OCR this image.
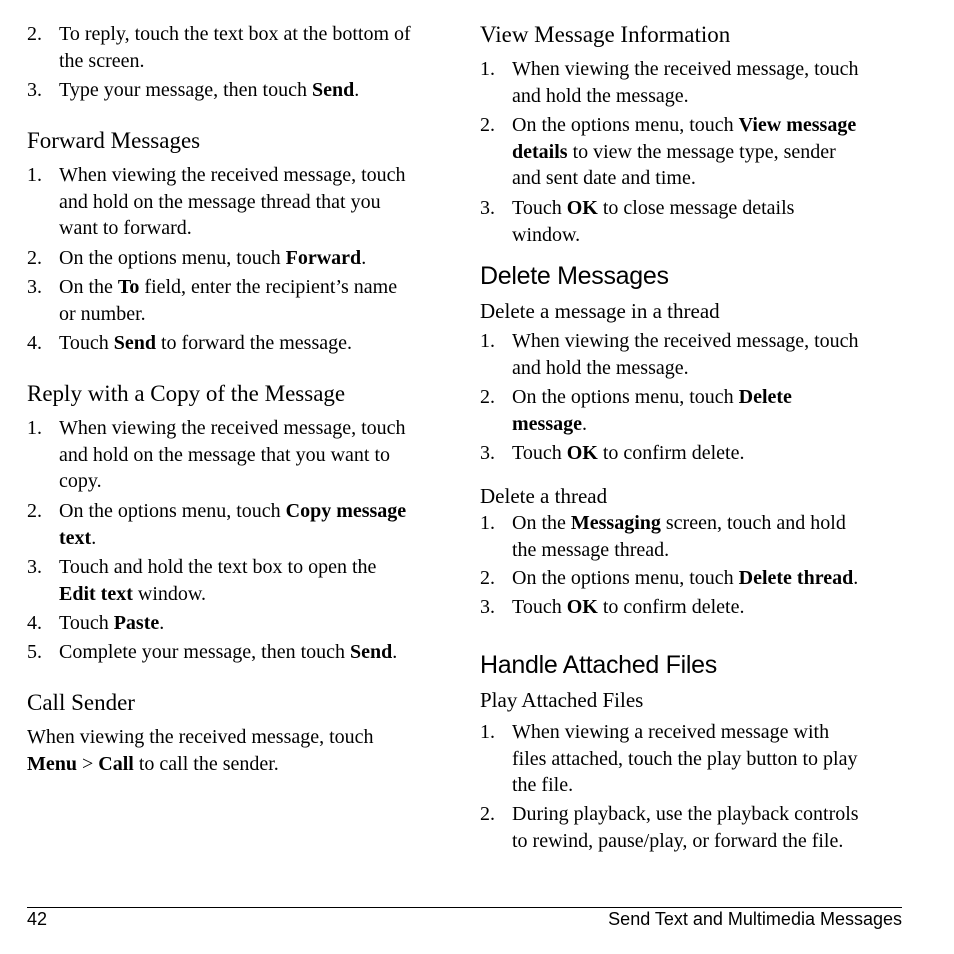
2. To reply, touch the text box at the bottom of
the screen.
3. Type your message, then touch Send.
Forward Messages
1. When viewing the received message, touch
and hold on the message thread that you
want to forward.
2. On the options menu, touch Forward.
3. On the To field, enter the recipient’s name
or number.
4. Touch Send to forward the message.
Reply with a Copy of the Message
1. When viewing the received message, touch
and hold on the message that you want to
copy.
2. On the options menu, touch Copy message
text.
3. Touch and hold the text box to open the
Edit text window.
4. Touch Paste.
5. Complete your message, then touch Send.
Call Sender
When viewing the received message, touch
Menu > Call to call the sender.
View Message Information
1. When viewing the received message, touch
and hold the message.
2. On the options menu, touch View message
details to view the message type, sender
and sent date and time.
3. Touch OK to close message details
window.
Delete Messages
Delete a message in a thread
1. When viewing the received message, touch
and hold the message.
2. On the options menu, touch Delete
message.
3. Touch OK to confirm delete.
Delete a thread
1. On the Messaging screen, touch and hold
the message thread.
2. On the options menu, touch Delete thread.
3. Touch OK to confirm delete.
Handle Attached Files
Play Attached Files
1. When viewing a received message with
files attached, touch the play button to play
the file.
2. During playback, use the playback controls
to rewind, pause/play, or forward the file.
42	Send Text and Multimedia Messages
